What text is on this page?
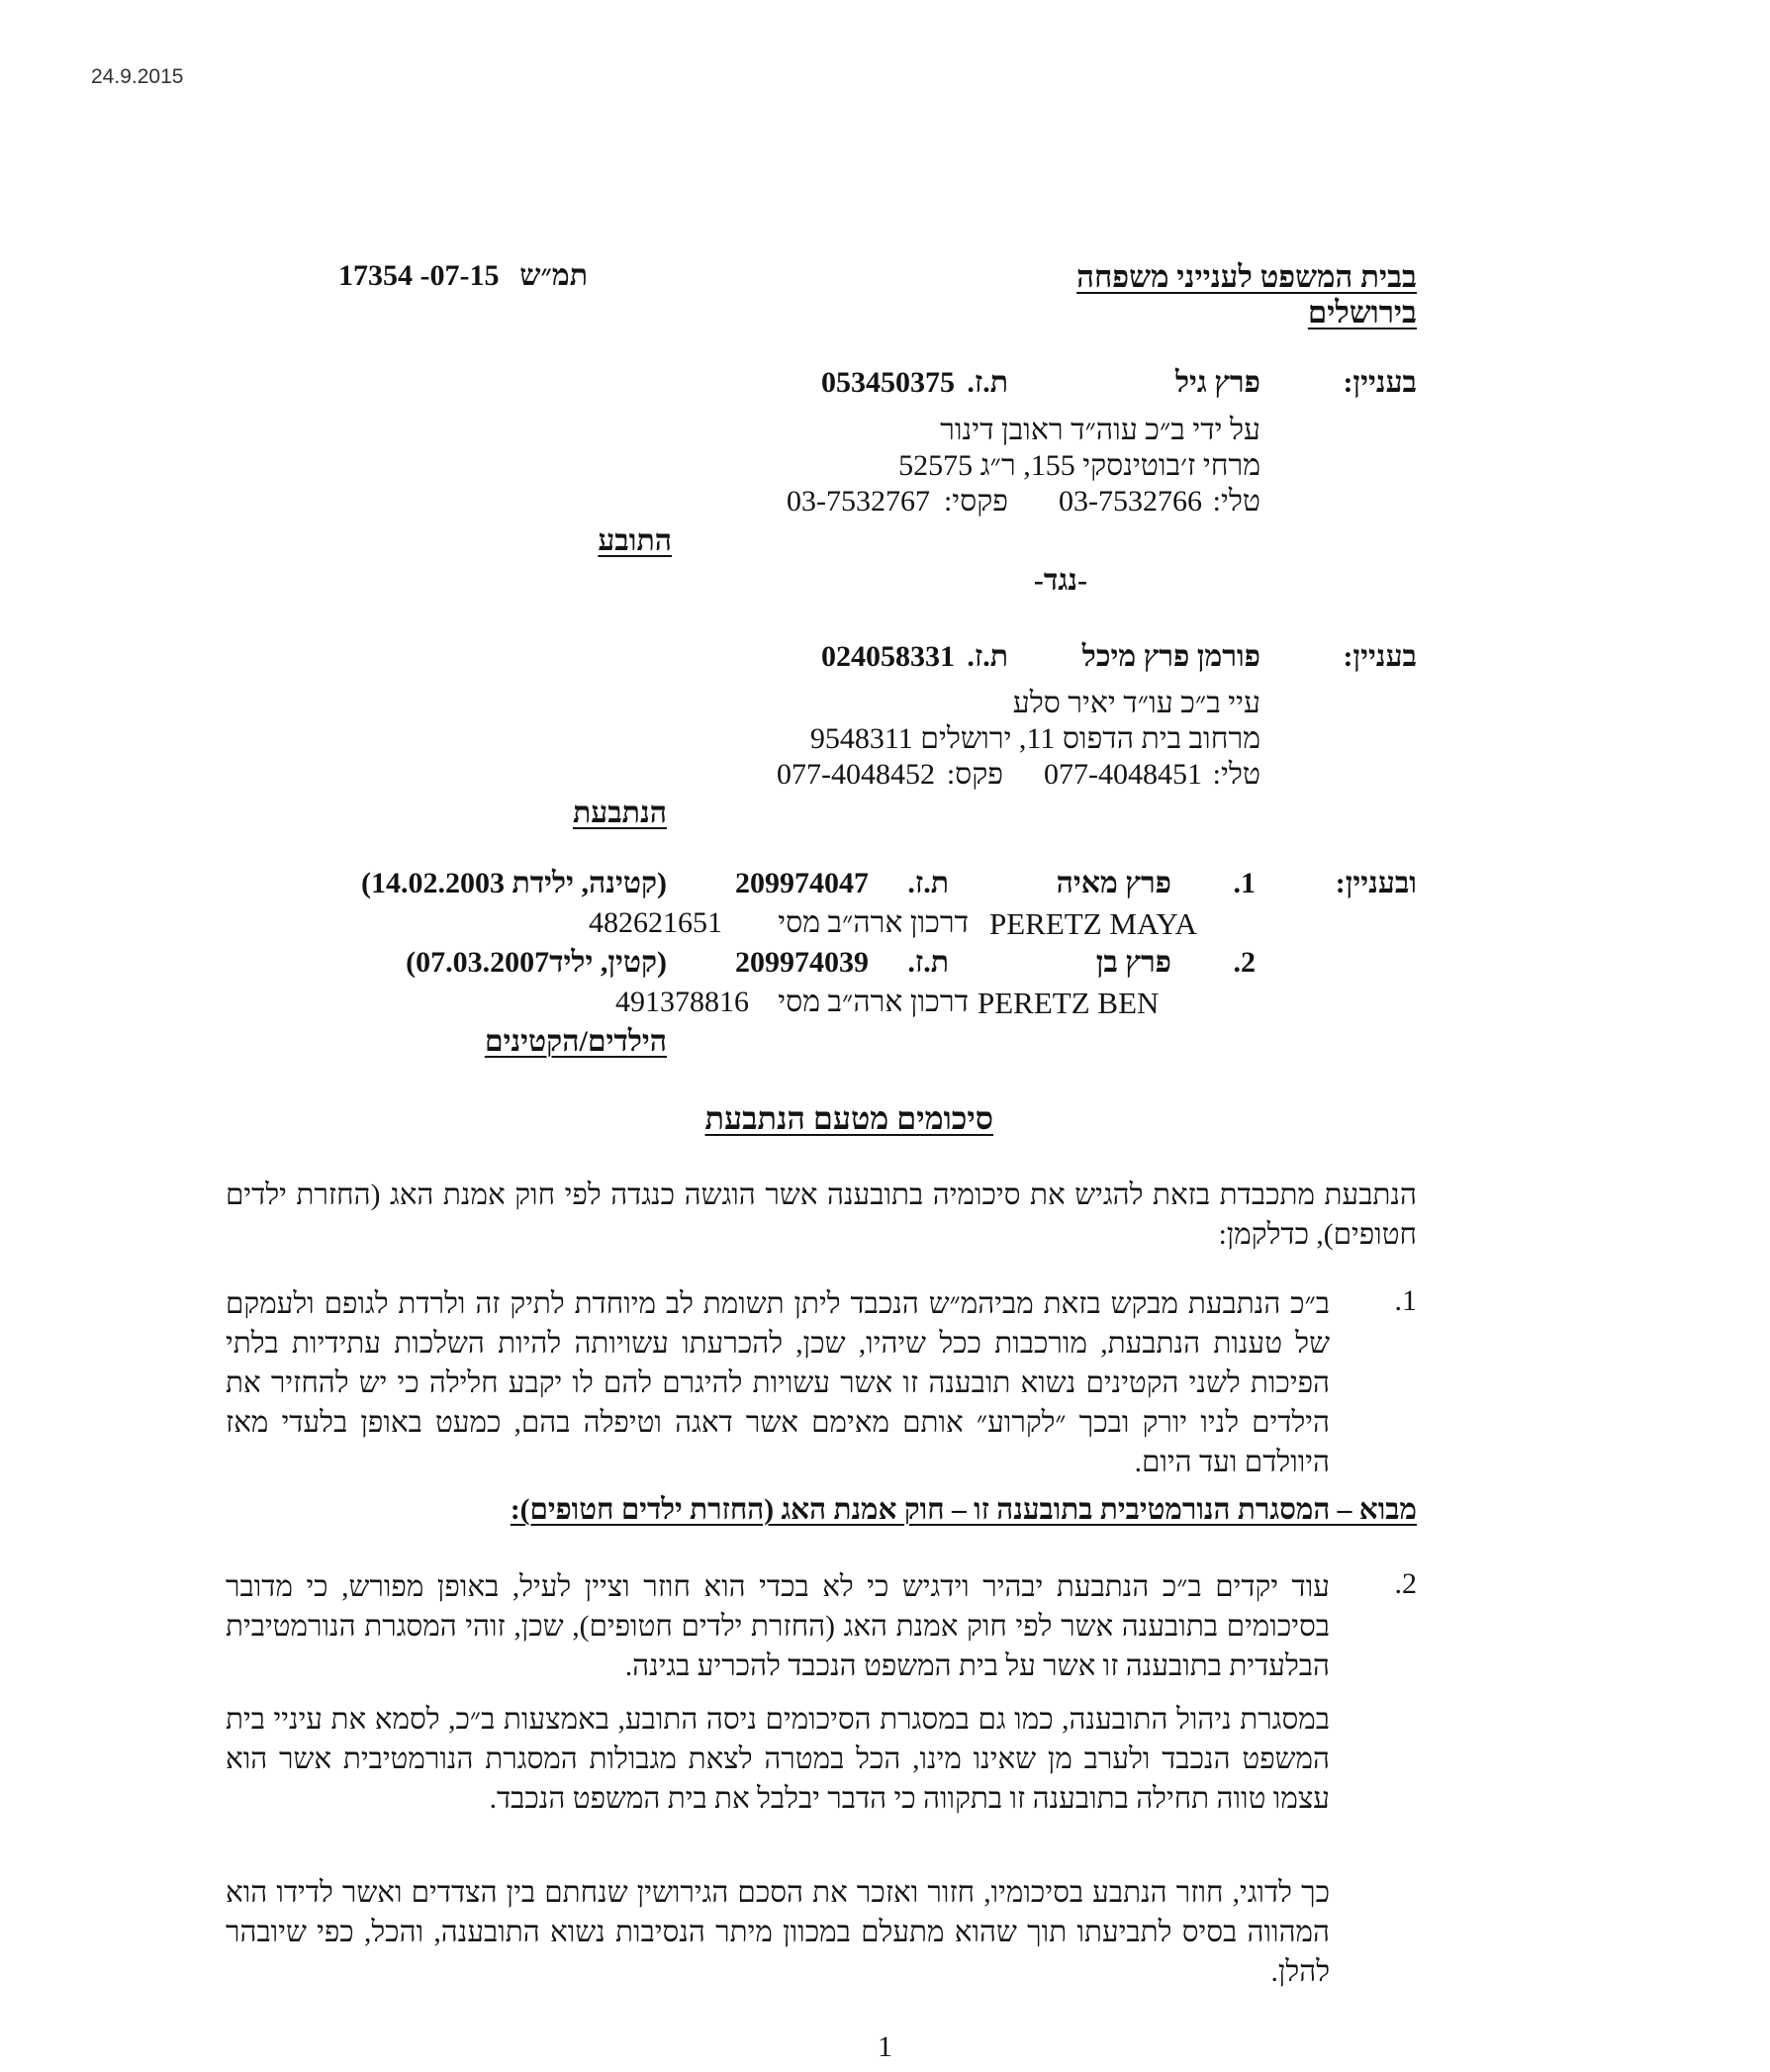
24.9.2015
בבית המשפט לענייני משפחה
בירושלים
תמ״ש
17354 -07-15
בעניין:
פרץ גיל
ת.ז.
053450375
על ידי ב״כ עוה״ד ראובן דינור
מרחי ז׳בוטינסקי 155, ר״ג 52575
טלי:
03-7532766
פקסי:
03-7532767
התובע
-נגד-
בעניין:
פורמן פרץ מיכל
ת.ז.
024058331
עיי ב״כ עו״ד יאיר סלע
מרחוב בית הדפוס 11, ירושלים 9548311
טלי:
077-4048451
פקס:
077-4048452
הנתבעת
ובעניין:
1.
פרץ מאיה
ת.ז.
209974047
(קטינה, ילידת 14.02.2003)
PERETZ MAYA
דרכון ארה״ב מסי
482621651
2.
פרץ בן
ת.ז.
209974039
(קטין, יליד07.03.2007)
PERETZ BEN
דרכון ארה״ב מסי
491378816
הילדים/הקטינים
סיכומים מטעם הנתבעת

הנתבעת מתכבדת בזאת להגיש את סיכומיה בתובענה אשר הוגשה כנגדה לפי חוק אמנת האג (החזרת ילדים חטופים), כדלקמן:

1.

ב״כ הנתבעת מבקש בזאת מביהמ״ש הנכבד ליתן תשומת לב מיוחדת לתיק זה ולרדת לגופם ולעמקם של טענות הנתבעת, מורכבות ככל שיהיו, שכן, להכרעתו עשויותה להיות השלכות עתידיות בלתי הפיכות לשני הקטינים נשוא תובענה זו אשר עשויות להיגרם להם לו יקבע חלילה כי יש להחזיר את הילדים לניו יורק ובכך ״לקרוע״ אותם מאימם אשר דאגה וטיפלה בהם, כמעט באופן בלעדי מאז היוולדם ועד היום.

מבוא – המסגרת הנורמטיבית בתובענה זו – חוק אמנת האג (החזרת ילדים חטופים):
2.

עוד יקדים ב״כ הנתבעת יבהיר וידגיש כי לא בכדי הוא חוזר וציין לעיל, באופן מפורש, כי מדובר בסיכומים בתובענה אשר לפי חוק אמנת האג (החזרת ילדים חטופים), שכן, זוהי המסגרת הנורמטיבית הבלעדית בתובענה זו אשר על בית המשפט הנכבד להכריע בגינה.

במסגרת ניהול התובענה, כמו גם במסגרת הסיכומים ניסה התובע, באמצעות ב״כ, לסמא את עיניי בית המשפט הנכבד ולערב מן שאינו מינו, הכל במטרה לצאת מגבולות המסגרת הנורמטיבית אשר הוא עצמו טווה תחילה בתובענה זו בתקווה כי הדבר יבלבל את בית המשפט הנכבד.

כך לדוגי, חוזר הנתבע בסיכומיו, חזור ואזכר את הסכם הגירושין שנחתם בין הצדדים ואשר לדידו הוא המהווה בסיס לתביעתו תוך שהוא מתעלם במכוון מיתר הנסיבות נשוא התובענה, והכל, כפי שיובהר להלן.

1
